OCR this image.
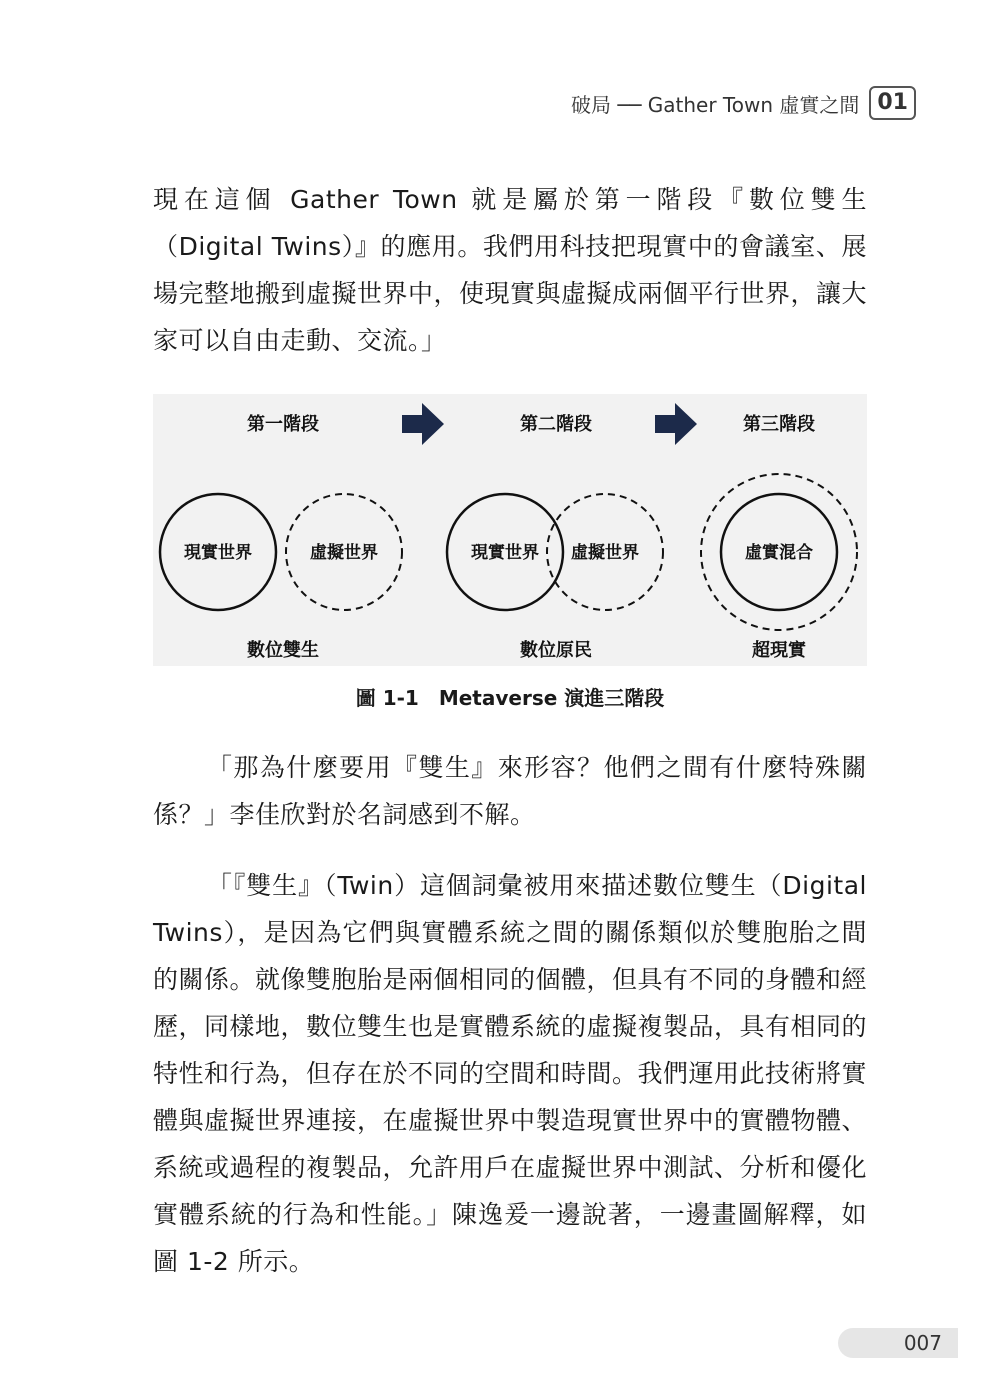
破局 ── Gather Town 虛實之間 01

現在這個 Gather Town 就是屬於第一階段『數位雙生（Digital Twins）』的應用。我們用科技把現實中的會議室、展場完整地搬到虛擬世界中，使現實與虛擬成兩個平行世界，讓大家可以自由走動、交流。」

第一階段	第二階段	第三階段
現實世界	虛擬世界
數位雙生
現實世界 虛擬世界
數位原民
虛實混合
超現實
圖 1-1　Metaverse 演進三階段

「那為什麼要用『雙生』來形容？他們之間有什麼特殊關係？」李佳欣對於名詞感到不解。

「『雙生』（Twin）這個詞彙被用來描述數位雙生（Digital Twins），是因為它們與實體系統之間的關係類似於雙胞胎之間的關係。就像雙胞胎是兩個相同的個體，但具有不同的身體和經歷，同樣地，數位雙生也是實體系統的虛擬複製品，具有相同的特性和行為，但存在於不同的空間和時間。我們運用此技術將實體與虛擬世界連接，在虛擬世界中製造現實世界中的實體物體、系統或過程的複製品，允許用戶在虛擬世界中測試、分析和優化實體系統的行為和性能。」陳逸爰一邊說著，一邊畫圖解釋，如圖 1-2 所示。

007
